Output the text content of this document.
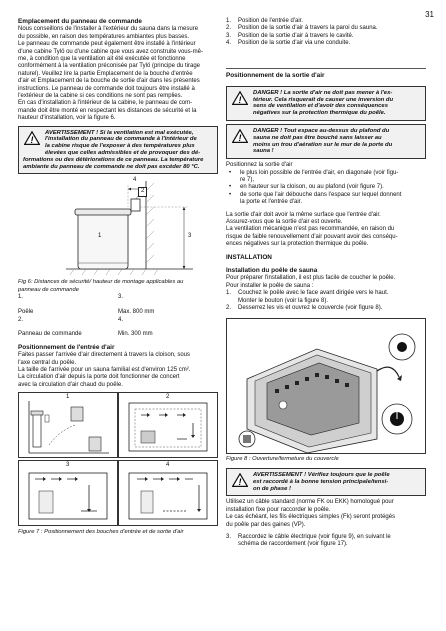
31
Emplacement du panneau de commande

Nous conseillons de l'installer à l'extérieur du sauna dans la mesure

du possible, en raison des températures ambiantes plus basses.

Le panneau de commande peut également être installé à l'intérieur

d'une cabine Tylö ou d'une cabine que vous avez construite vous-mê-

me, à condition que la ventilation ait été exécutée et fonctionne

conformément à la ventilation préconisée par Tylö (principe du tirage

naturel). Veuillez lire la partie Emplacement de la bouche d'entrée

d'air et Emplacement de la bouche de sortie d'air dans les présentes

instructions. Le panneau de commande doit toujours être installé à

l'extérieur de la cabine si ces conditions ne sont pas remplies.

En cas d'installation à l'intérieur de la cabine, le panneau de com-

mande doit être monté en respectant les distances de sécurité et la

hauteur d'installation, voir la figure 6.

!

AVERTISSEMENT ! Si la ventilation est mal exécutée,

l'installation du panneau de commande à l'intérieur de

la cabine risque de l'exposer à des températures plus

élevées que celles admissibles et de provoquer des dé-

formations ou des détériorations de ce panneau. La température

ambiante du panneau de commande ne doit pas excéder 80 °C.

4
2
1	3

Fig 6: Distances de sécurité/ hauteur de montage applicables au

panneau de commande

1.

Poêle
3.

Max. 800 mm
2.

Panneau de commande
4.

Min. 300 mm
Positionnement de l'entrée d'air

Faites passer l'arrivée d'air directement à travers la cloison, sous

l'axe central du poêle.

La taille de l'arrivée pour un sauna familial est d'environ 125 cm².

La circulation d'air depuis la porte doit fonctionner de concert

avec la circulation d'air chaud du poêle.

1	2
3	4
Figure 7 : Positionnement des bouches d'entrée et de sortie d'air
1. Position de l'entrée d'air.
2. Position de la sortie d'air à travers la paroi du sauna.
3. Position de la sortie d'air à travers le cavité.
4. Position de la sortie d'air via une conduite.
Positionnement de la sortie d'air
!

DANGER ! La sortie d'air ne doit pas mener à l'ex-

térieur. Cela risquerait de causer une inversion du

sens de ventilation et d'avoir des conséquences

négatives sur la protection thermique du poêle.

!

DANGER ! Tout espace au-dessus du plafond du

sauna ne doit pas être bouché sans laisser au

moins un trou d'aération sur le mur de la porte du

sauna !

Positionnez la sortie d'air

• le plus loin possible de l'entrée d'air, en diagonale (voir figu-
re 7),
• en hauteur sur la cloison, ou au plafond (voir figure 7).
• de sorte que l'air débouche dans l'espace sur lequel donnent
la porte et l'entrée d'air.

La sortie d'air doit avoir la même surface que l'entrée d'air.

Assurez-vous que la sortie d'air est ouverte.

La ventilation mécanique n'est pas recommandée, en raison du

risque de faible renouvellement d'air pouvant avoir des conséqu-

ences négatives sur la protection thermique du poêle.

INSTALLATION
Installation du poêle de sauna

Pour préparer l'installation, il est plus facile de coucher le poêle.

Pour installer le poêle de sauna :

1. Couchez le poêle avec le face avant dirigée vers le haut.
Monter le bouton (voir la figure 8).
2. Desserrez les vis et ouvrez le couvercle (voir figure 8).
Figure 8 : Ouverture/fermeture du couvercle
!

AVERTISSEMENT ! Vérifiez toujours que le poêle

est raccordé à la bonne tension principale/tensi-

on de phase !

Utilisez un câble standard (norme FK ou EKK) homologué pour

installation fixe pour raccorder le poêle.

Le cas échéant, les fils électriques simples (Fk) seront protégés

du poêle par des gaines (VP).

3. Raccordez le câble électrique (voir figure 9), en suivant le
schéma de raccordement (voir figure 17).
